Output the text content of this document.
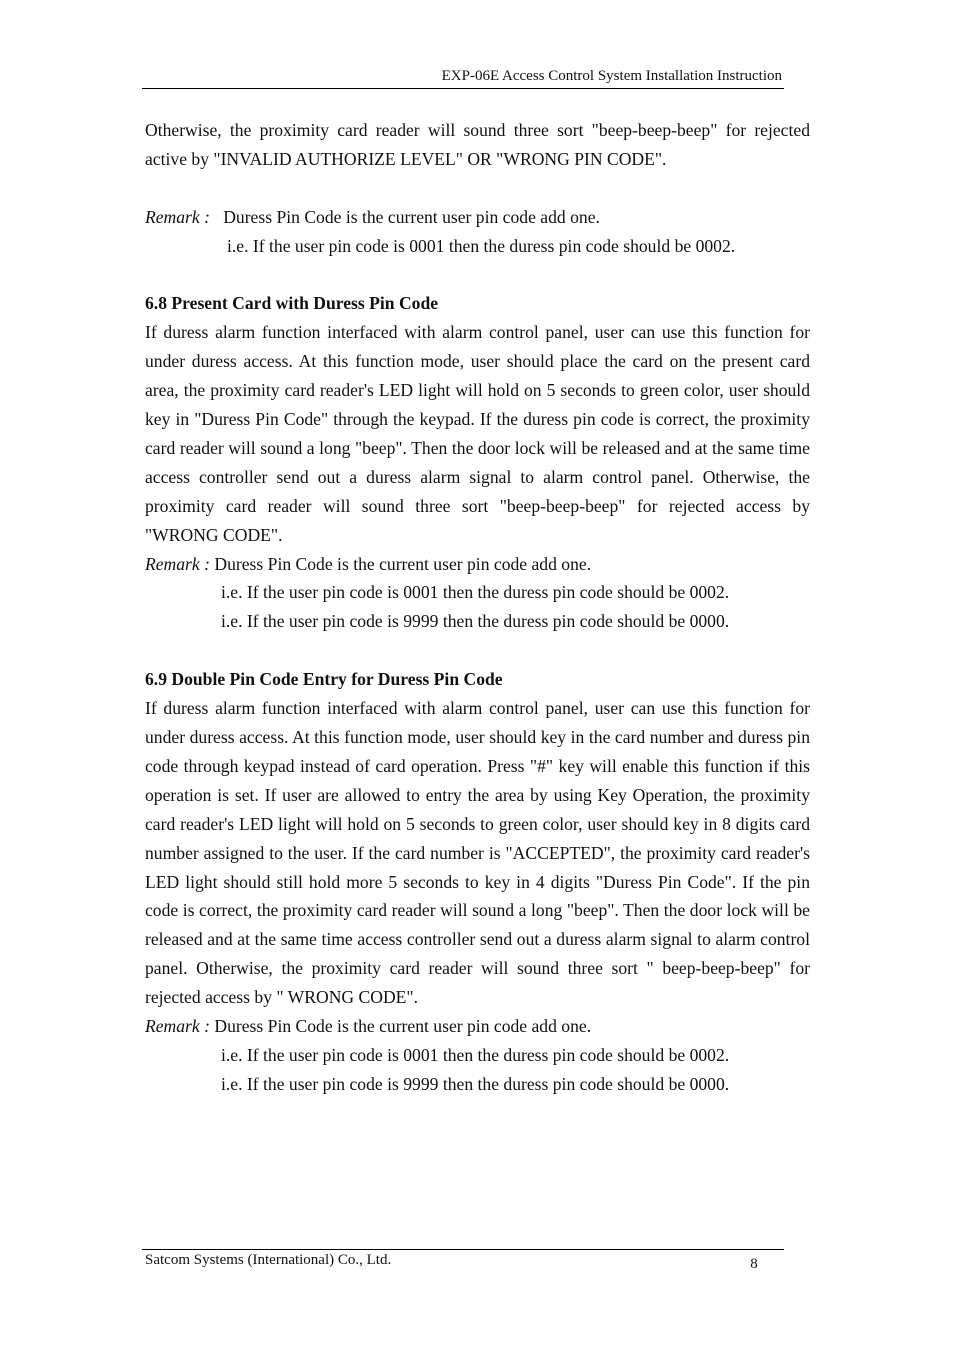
EXP-06E Access Control System Installation Instruction

Otherwise, the proximity card reader will sound three sort "beep-beep-beep" for rejected active by "INVALID AUTHORIZE LEVEL" OR "WRONG PIN CODE".

Remark : Duress Pin Code is the current user pin code add one.

i.e. If the user pin code is 0001 then the duress pin code should be 0002.

6.8 Present Card with Duress Pin Code

If duress alarm function interfaced with alarm control panel, user can use this function for under duress access. At this function mode, user should place the card on the present card area, the proximity card reader's LED light will hold on 5 seconds to green color, user should key in "Duress Pin Code" through the keypad. If the duress pin code is correct, the proximity card reader will sound a long "beep". Then the door lock will be released and at the same time access controller send out a duress alarm signal to alarm control panel. Otherwise, the proximity card reader will sound three sort "beep-beep-beep" for rejected access by "WRONG CODE".

Remark : Duress Pin Code is the current user pin code add one.

i.e. If the user pin code is 0001 then the duress pin code should be 0002.

i.e. If the user pin code is 9999 then the duress pin code should be 0000.

6.9 Double Pin Code Entry for Duress Pin Code

If duress alarm function interfaced with alarm control panel, user can use this function for under duress access. At this function mode, user should key in the card number and duress pin code through keypad instead of card operation. Press "#" key will enable this function if this operation is set. If user are allowed to entry the area by using Key Operation, the proximity card reader's LED light will hold on 5 seconds to green color, user should key in 8 digits card number assigned to the user. If the card number is "ACCEPTED", the proximity card reader's LED light should still hold more 5 seconds to key in 4 digits "Duress Pin Code". If the pin code is correct, the proximity card reader will sound a long "beep". Then the door lock will be released and at the same time access controller send out a duress alarm signal to alarm control panel. Otherwise, the proximity card reader will sound three sort " beep-beep-beep" for rejected access by " WRONG CODE".

Remark : Duress Pin Code is the current user pin code add one.

i.e. If the user pin code is 0001 then the duress pin code should be 0002.

i.e. If the user pin code is 9999 then the duress pin code should be 0000.

Satcom Systems (International) Co., Ltd.	8
